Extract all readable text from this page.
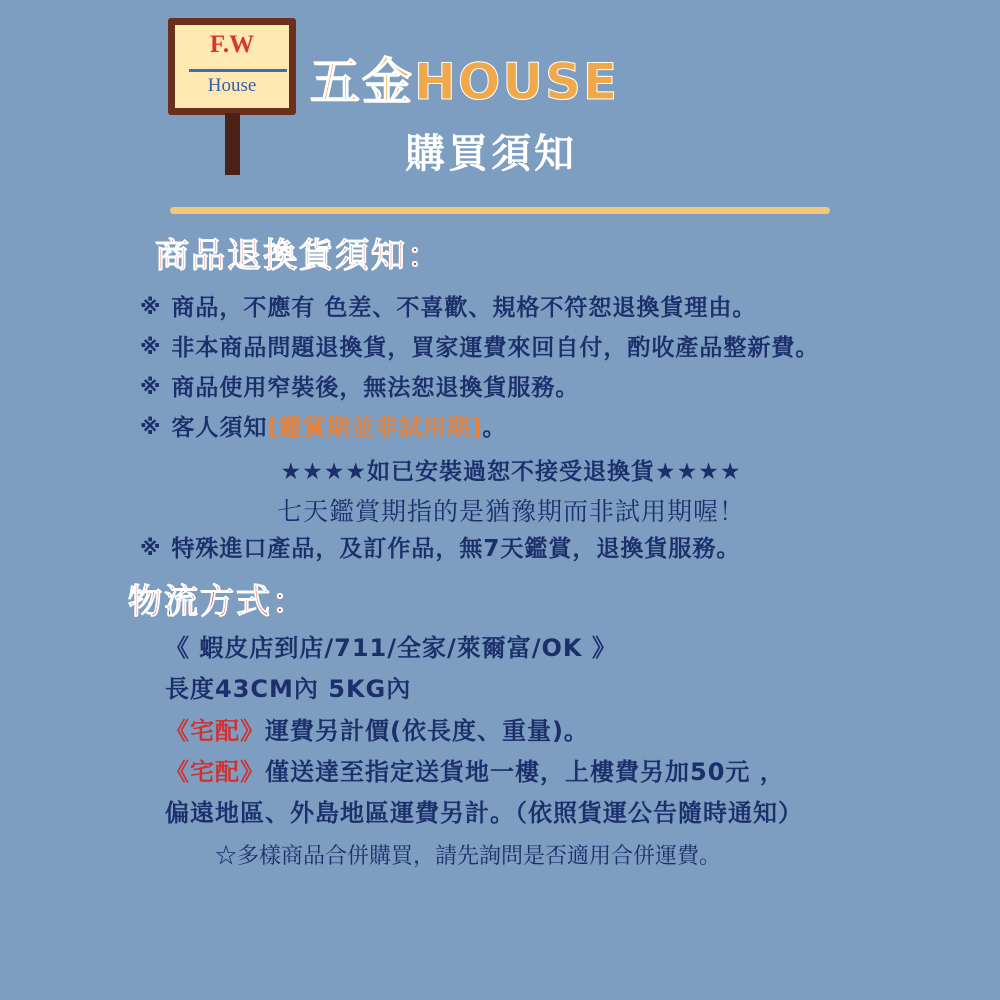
F.W
House	五金HOUSE
購買須知
商品退換貨須知：
※ 商品，不應有 色差、不喜歡、規格不符恕退換貨理由。
※ 非本商品問題退換貨，買家運費來回自付，酌收產品整新費。
※ 商品使用窄裝後，無法恕退換貨服務。
※ 客人須知[鑑賞期並非試用期]。
★★★★如已安裝過恕不接受退換貨★★★★
七天鑑賞期指的是猶豫期而非試用期喔！
※ 特殊進口產品，及訂作品，無7天鑑賞，退換貨服務。
物流方式：
《 蝦皮店到店/711/全家/萊爾富/OK 》
長度43CM內 5KG內
《宅配》運費另計價(依長度、重量)。
《宅配》僅送達至指定送貨地一樓，上樓費另加50元 ，
偏遠地區、外島地區運費另計。（依照貨運公告隨時通知）
☆多樣商品合併購買，請先詢問是否適用合併運費。
